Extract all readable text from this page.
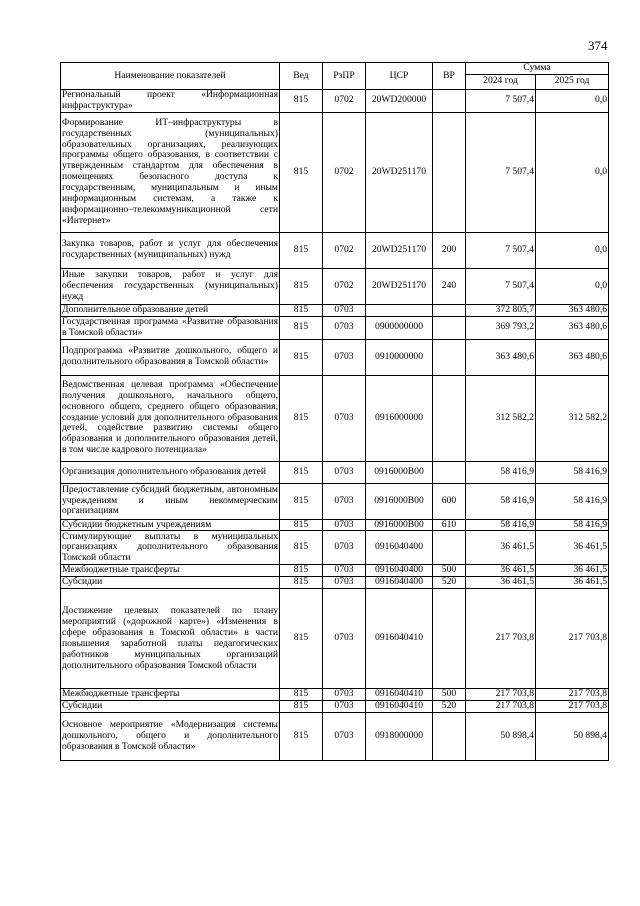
374
Наименование показателей	Вед	РзПР	ЦСР	ВР	Сумма	
					2024 год	2025 год
Региональный проект «Информационная инфраструктура»	815	0702	20WD200000		7 507,4	0,0
Формирование ИТ–инфраструктуры в государственных (муниципальных) образовательных организациях, реализующих программы общего образования, в соответствии с утвержденным стандартом для обеспечения в помещениях безопасного доступа к государственным, муниципальным и иным информационным системам, а также к информационно–телекоммуникационной сети «Интернет»	815	0702	20WD251170		7 507,4	0,0
Закупка товаров, работ и услуг для обеспечения государственных (муниципальных) нужд	815	0702	20WD251170	200	7 507,4	0,0
Иные закупки товаров, работ и услуг для обеспечения государственных (муниципальных) нужд	815	0702	20WD251170	240	7 507,4	0,0
Дополнительное образование детей	815	0703			372 805,7	363 480,6
Государственная программа «Развитие образования в Томской области»	815	0703	0900000000		369 793,2	363 480,6
Подпрограмма «Развитие дошкольного, общего и дополнительного образования в Томской области»	815	0703	0910000000		363 480,6	363 480,6
Ведомственная целевая программа «Обеспечение получения дошкольного, начального общего, основного общего, среднего общего образования, создание условий для дополнительного образования детей, содействие развитию системы общего образования и дополнительного образования детей, в том числе кадрового потенциала»	815	0703	0916000000		312 582,2	312 582,2
Организация дополнительного образования детей	815	0703	0916000B00		58 416,9	58 416,9
Предоставление субсидий бюджетным, автономным учреждениям и иным некоммерческим организациям	815	0703	0916000B00	600	58 416,9	58 416,9
Субсидии бюджетным учреждениям	815	0703	0916000B00	610	58 416,9	58 416,9
Стимулирующие выплаты в муниципальных организациях дополнительного образования Томской области	815	0703	0916040400		36 461,5	36 461,5
Межбюджетные трансферты	815	0703	0916040400	500	36 461,5	36 461,5
Субсидии	815	0703	0916040400	520	36 461,5	36 461,5
Достижение целевых показателей по плану мероприятий («дорожной карте») «Изменения в сфере образования в Томской области» в части повышения заработной платы педагогических работников муниципальных организаций дополнительного образования Томской области	815	0703	0916040410		217 703,8	217 703,8
Межбюджетные трансферты	815	0703	0916040410	500	217 703,8	217 703,8
Субсидии	815	0703	0916040410	520	217 703,8	217 703,8
Основное мероприятие «Модернизация системы дошкольного, общего и дополнительного образования в Томской области»	815	0703	0918000000		50 898,4	50 898,4
